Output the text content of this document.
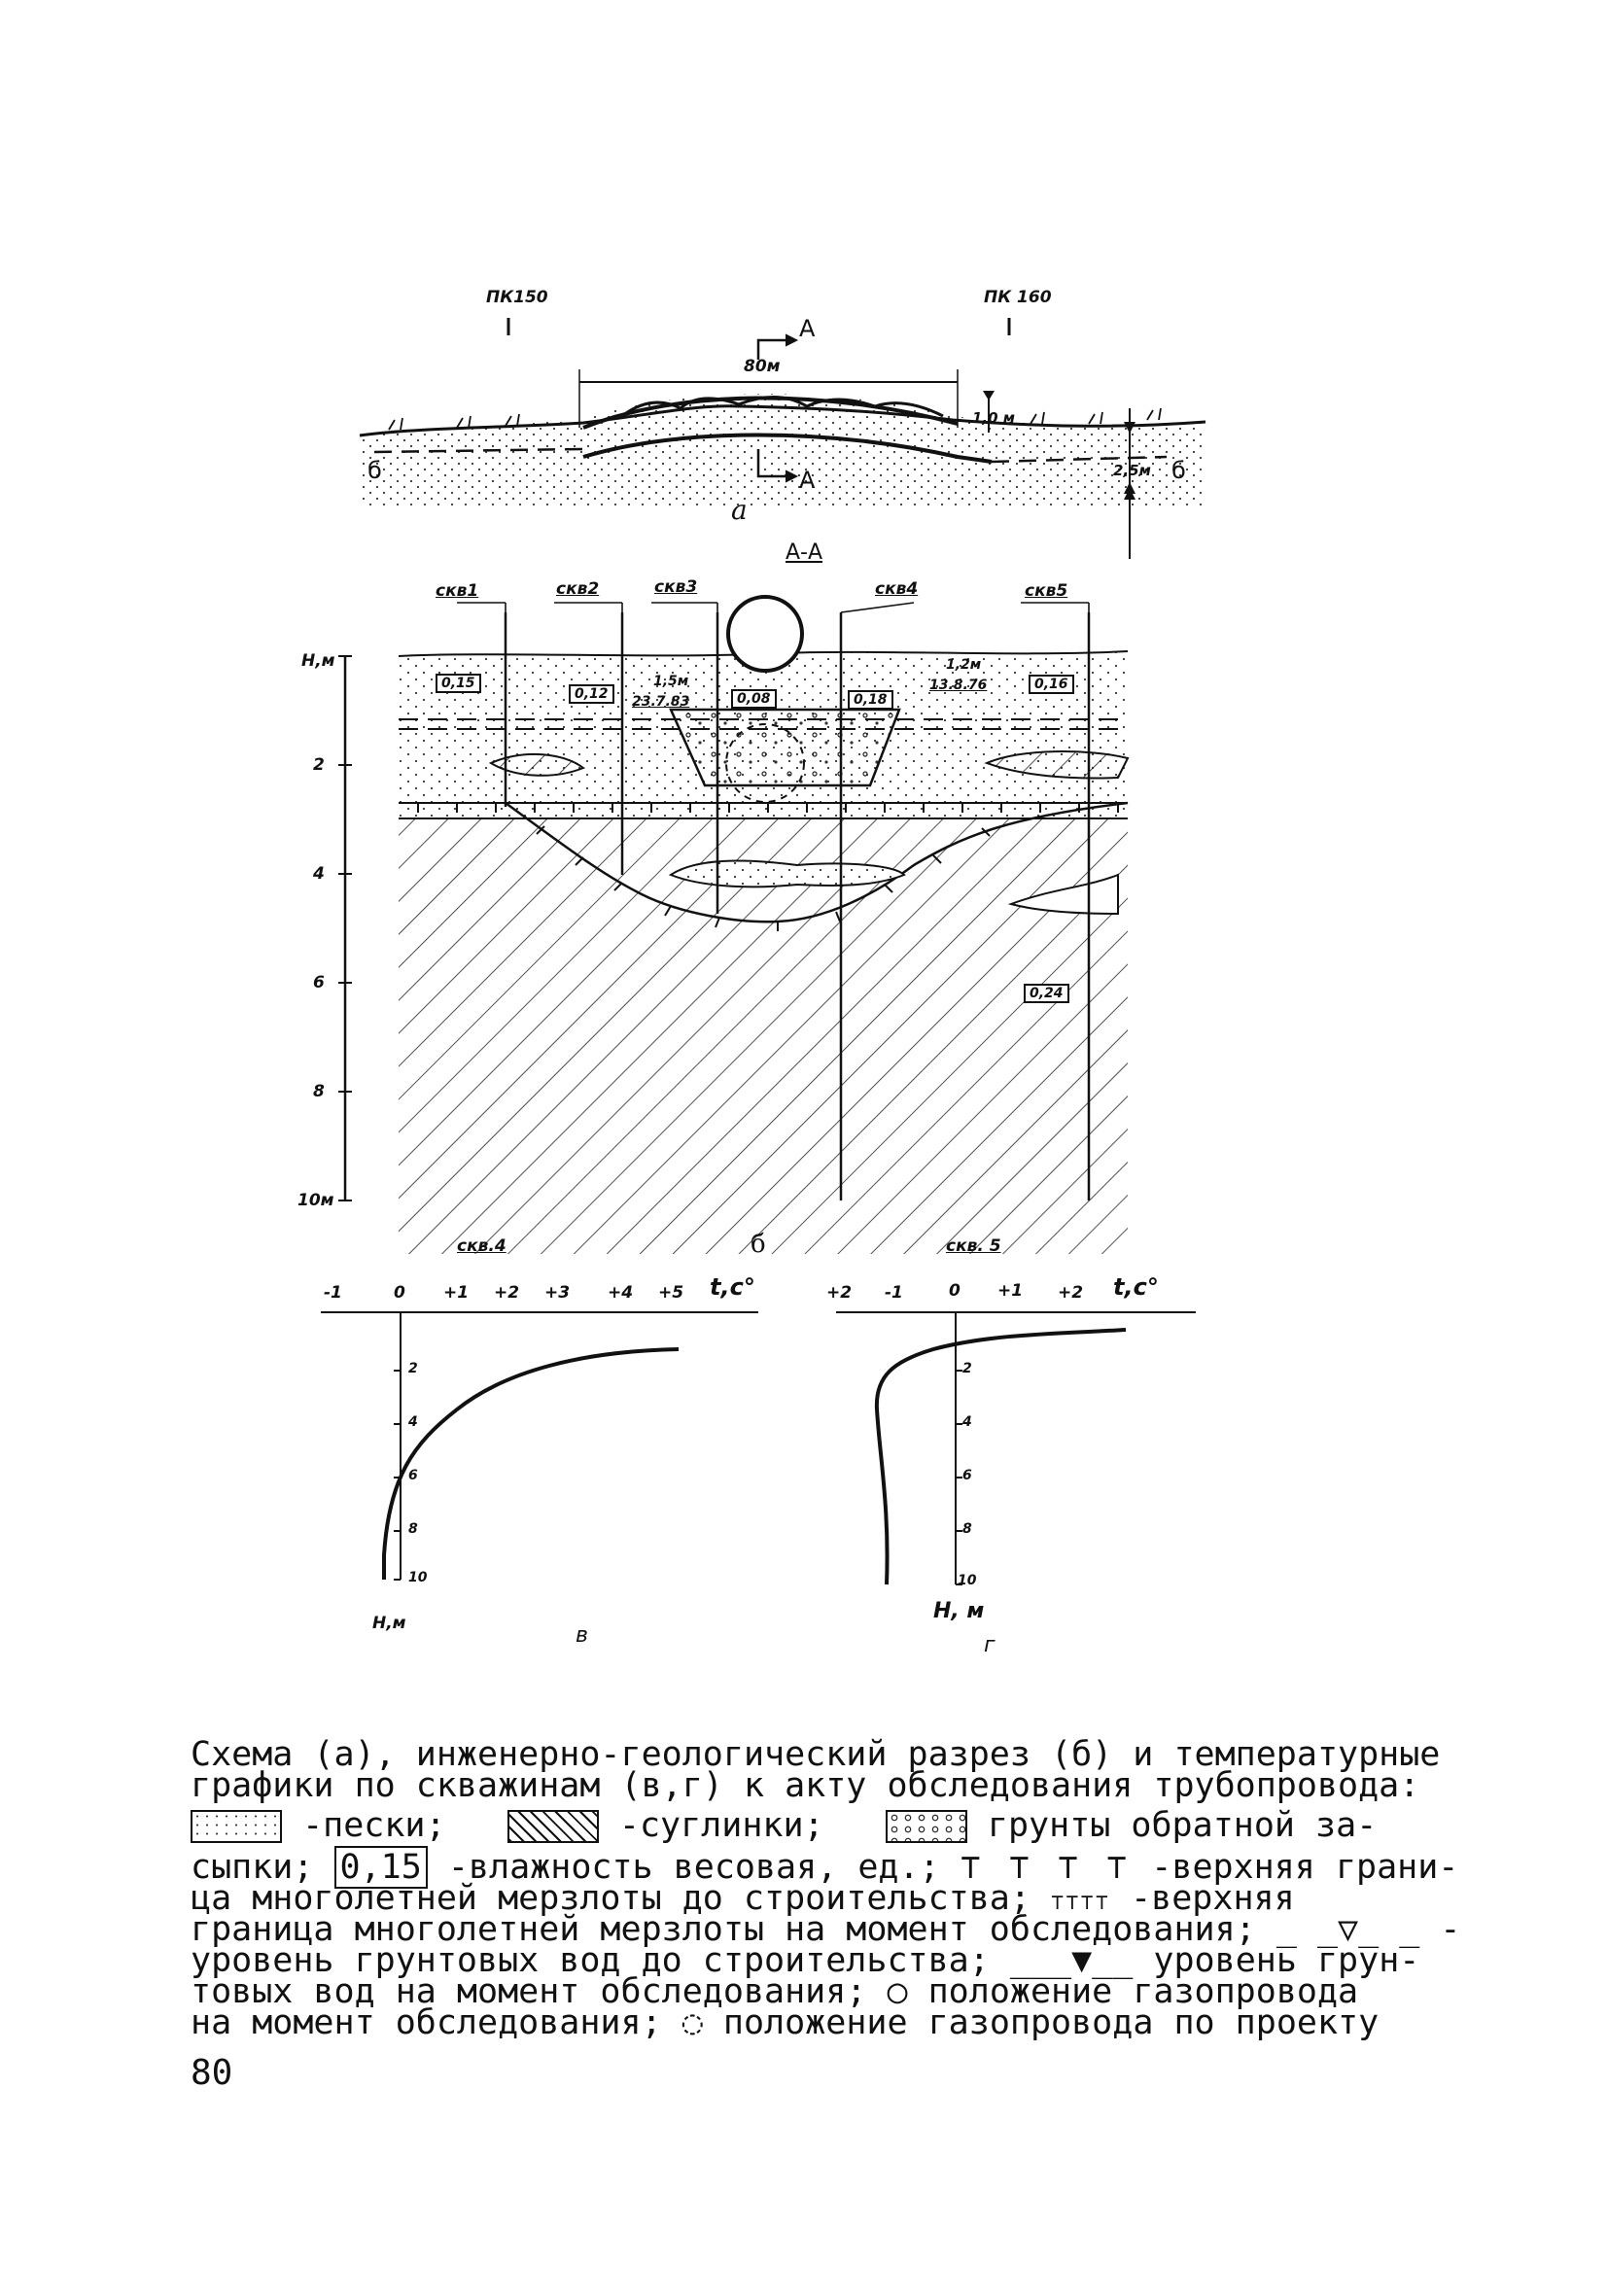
ПК150	ПК 160
А
А
80м
1,0 м
2,5м б
б
а
А-А
скв1	скв2	скв3	скв4	скв5
Н,м
2
4
6
8
10м
0,15
0,12	0,08	0,18
0,16
0,24
1,5м
23.7.83
1,2м
13.8.76
б
скв.4
-1	0 +1 +2 +3 +4 +5 t,с°
2
4
6
8
10
Н,м	в
скв. 5
+2 -1	0 +1 +2 t,с°
2
4
6
8
10
Н, м
г
Схема (а), инженерно-геологический разрез (б) и температурные
графики по скважинам (в,г) к акту обследования трубопровода:
-пески;	-суглинки;	грунты обратной за-
сыпки; 0,15 -влажность весовая, ед.; ⊤ ⊤ ⊤ ⊤ -верхняя грани-
ца многолетней мерзлоты до строительства; ⊤⊤⊤⊤ -верхняя
граница многолетней мерзлоты на момент обследования; _ _▽_ _ -
уровень грунтовых вод до строительства; ___▼__ уровень грун-
товых вод на момент обследования; ○ положение газопровода
на момент обследования; ◌ положение газопровода по проекту
80
